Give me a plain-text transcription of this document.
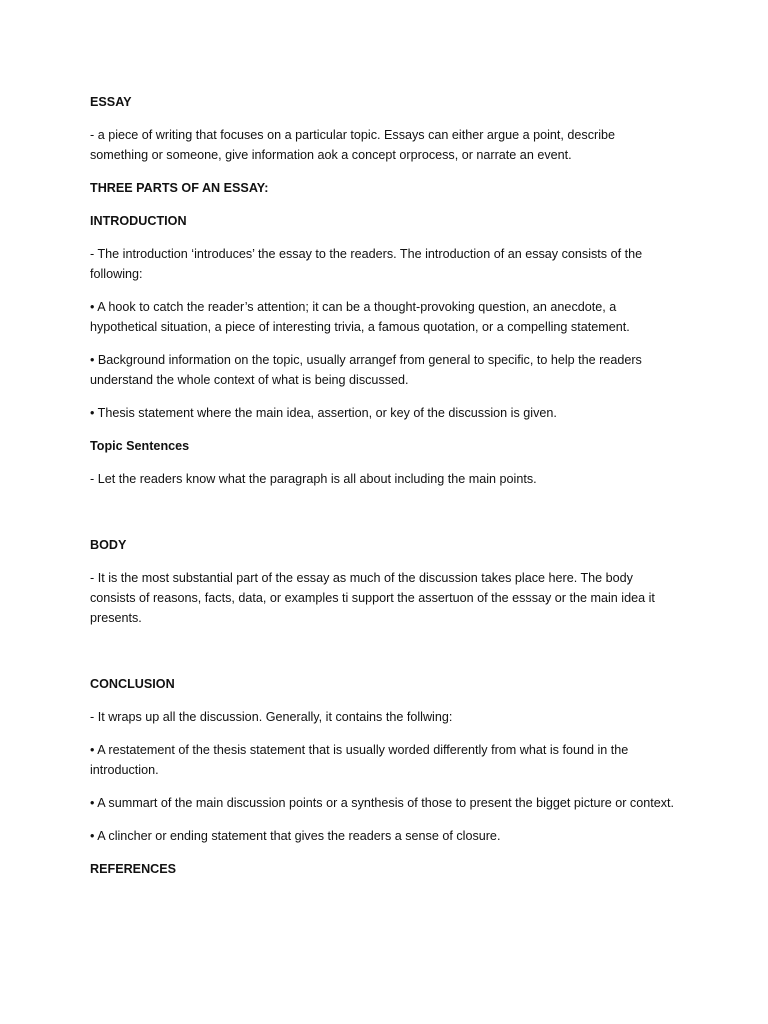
ESSAY

- a piece of writing that focuses on a particular topic. Essays can either argue a point, describe something or someone, give information aok a concept orprocess, or narrate an event.

THREE PARTS OF AN ESSAY:

INTRODUCTION

- The introduction ‘introduces’ the essay to the readers. The introduction of an essay consists of the following:

• A hook to catch the reader’s attention; it can be a thought-provoking question, an anecdote, a hypothetical situation, a piece of interesting trivia, a famous quotation, or a compelling statement.

• Background information on the topic, usually arrangef from general to specific, to help the readers understand the whole context of what is being discussed.

• Thesis statement where the main idea, assertion, or key of the discussion is given.

Topic Sentences

- Let the readers know what the paragraph is all about including the main points.

BODY

- It is the most substantial part of the essay as much of the discussion takes place here. The body consists of reasons, facts, data, or examples ti support the assertuon of the esssay or the main idea it presents.

CONCLUSION

- It wraps up all the discussion. Generally, it contains the follwing:

• A restatement of the thesis statement that is usually worded differently from what is found in the introduction.

• A summart of the main discussion points or a synthesis of those to present the bigget picture or context.

• A clincher or ending statement that gives the readers a sense of closure.

REFERENCES
